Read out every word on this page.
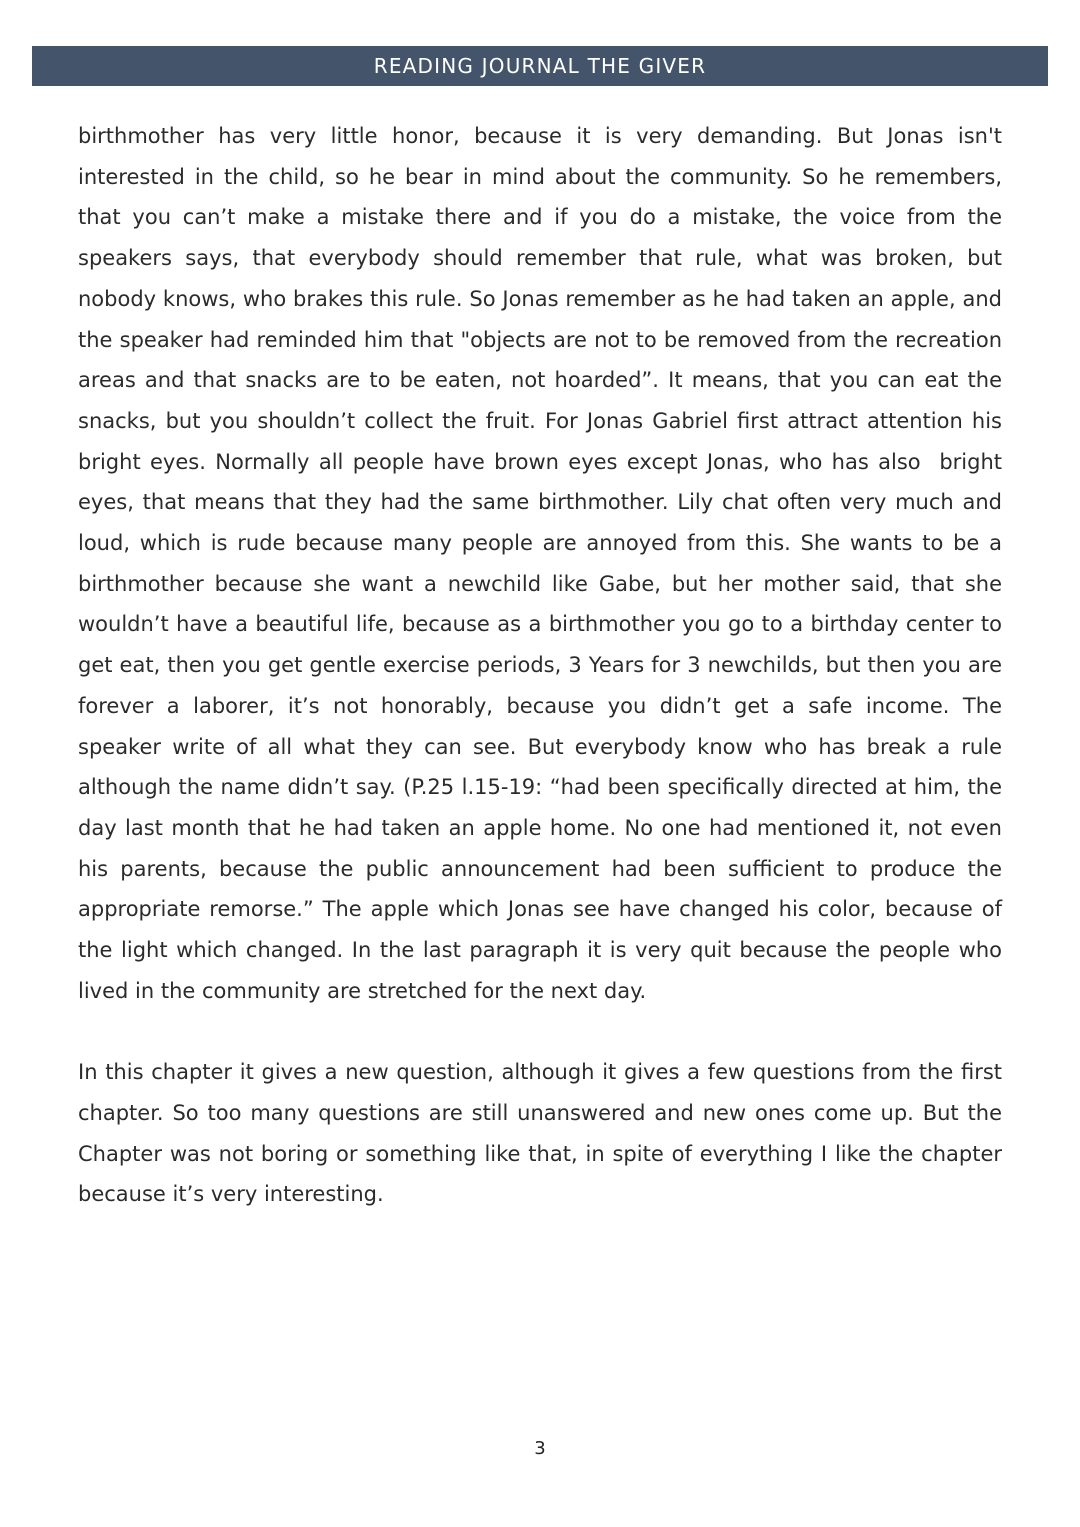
READING JOURNAL THE GIVER

birthmother has very little honor, because it is very demanding. But Jonas isn't interested in the child, so he bear in mind about the community. So he remembers, that you can’t make a mistake there and if you do a mistake, the voice from the speakers says, that everybody should remember that rule, what was broken, but nobody knows, who brakes this rule. So Jonas remember as he had taken an apple, and the speaker had reminded him that "objects are not to be removed from the recreation areas and that snacks are to be eaten, not hoarded”. It means, that you can eat the snacks, but you shouldn’t collect the fruit. For Jonas Gabriel first attract attention his  bright eyes. Normally all people have brown eyes except Jonas, who has also  bright eyes, that means that they had the same birthmother. Lily chat often very much and loud, which is rude because many people are annoyed from this. She wants to be a birthmother because she want a newchild like Gabe, but her mother said, that she wouldn’t have a beautiful life, because as a birthmother you go to a birthday center to get eat, then you get gentle exercise periods, 3 Years for 3 newchilds, but then you are forever a laborer, it’s not honorably, because you didn’t get a safe income. The speaker write of all what they can see. But everybody know who has break a rule although the name didn’t say. (P.25 l.15-19: “had been specifically directed at him, the day last month that he had taken an apple home. No one had mentioned it, not even his parents, because the public announcement had been sufficient to produce the appropriate remorse.” The apple which Jonas see have changed his color, because of the light which changed. In the last paragraph it is very quit because the people who lived in the community are stretched for the next day.

In this chapter it gives a new question, although it gives a few questions from the first chapter. So too many questions are still unanswered and new ones come up. But the Chapter was not boring or something like that, in spite of everything I like the chapter because it’s very interesting.

3
